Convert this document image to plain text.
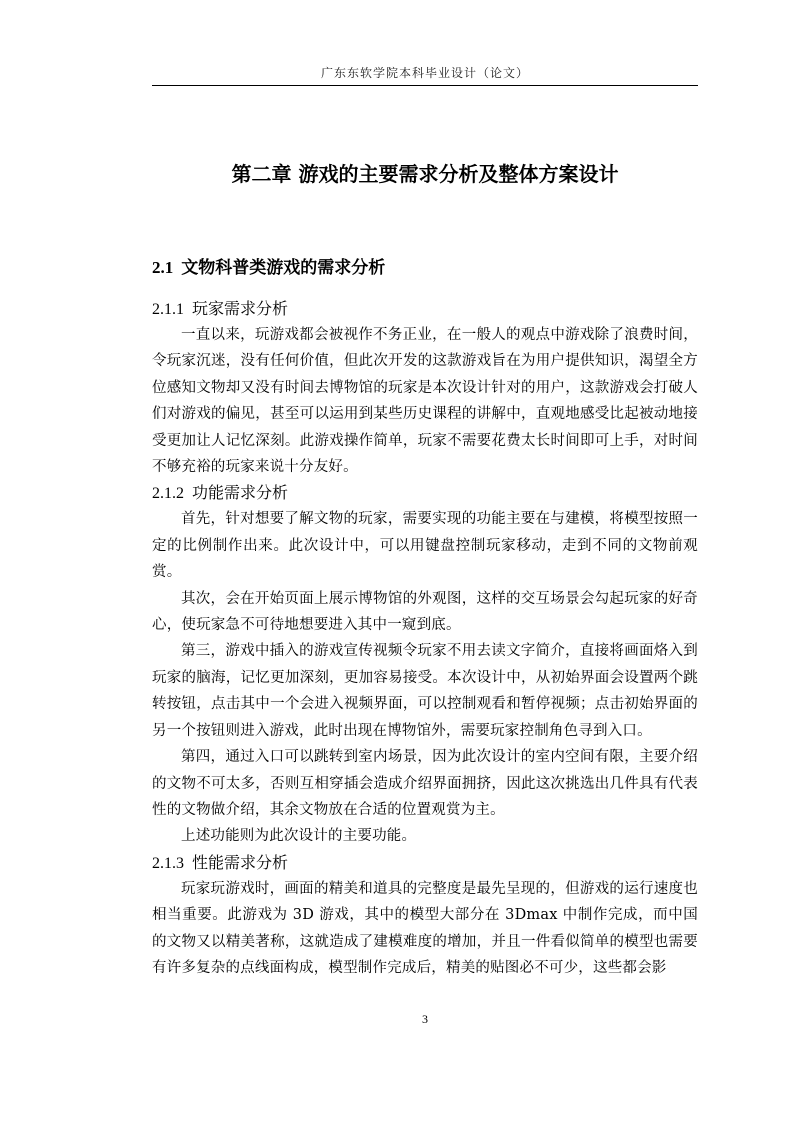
广东东软学院本科毕业设计（论文）
第二章 游戏的主要需求分析及整体方案设计
2.1 文物科普类游戏的需求分析
2.1.1 玩家需求分析

一直以来，玩游戏都会被视作不务正业，在一般人的观点中游戏除了浪费时间，令玩家沉迷，没有任何价值，但此次开发的这款游戏旨在为用户提供知识，渴望全方位感知文物却又没有时间去博物馆的玩家是本次设计针对的用户，这款游戏会打破人们对游戏的偏见，甚至可以运用到某些历史课程的讲解中，直观地感受比起被动地接受更加让人记忆深刻。此游戏操作简单，玩家不需要花费太长时间即可上手，对时间不够充裕的玩家来说十分友好。

2.1.2 功能需求分析

首先，针对想要了解文物的玩家，需要实现的功能主要在与建模，将模型按照一定的比例制作出来。此次设计中，可以用键盘控制玩家移动，走到不同的文物前观赏。

其次，会在开始页面上展示博物馆的外观图，这样的交互场景会勾起玩家的好奇心，使玩家急不可待地想要进入其中一窥到底。

第三，游戏中插入的游戏宣传视频令玩家不用去读文字简介，直接将画面烙入到玩家的脑海，记忆更加深刻，更加容易接受。本次设计中，从初始界面会设置两个跳转按钮，点击其中一个会进入视频界面，可以控制观看和暂停视频；点击初始界面的另一个按钮则进入游戏，此时出现在博物馆外，需要玩家控制角色寻到入口。

第四，通过入口可以跳转到室内场景，因为此次设计的室内空间有限，主要介绍的文物不可太多，否则互相穿插会造成介绍界面拥挤，因此这次挑选出几件具有代表性的文物做介绍，其余文物放在合适的位置观赏为主。

上述功能则为此次设计的主要功能。

2.1.3 性能需求分析

玩家玩游戏时，画面的精美和道具的完整度是最先呈现的，但游戏的运行速度也相当重要。此游戏为 3D 游戏，其中的模型大部分在 3Dmax 中制作完成，而中国的文物又以精美著称，这就造成了建模难度的增加，并且一件看似简单的模型也需要有许多复杂的点线面构成，模型制作完成后，精美的贴图必不可少，这些都会影

3
